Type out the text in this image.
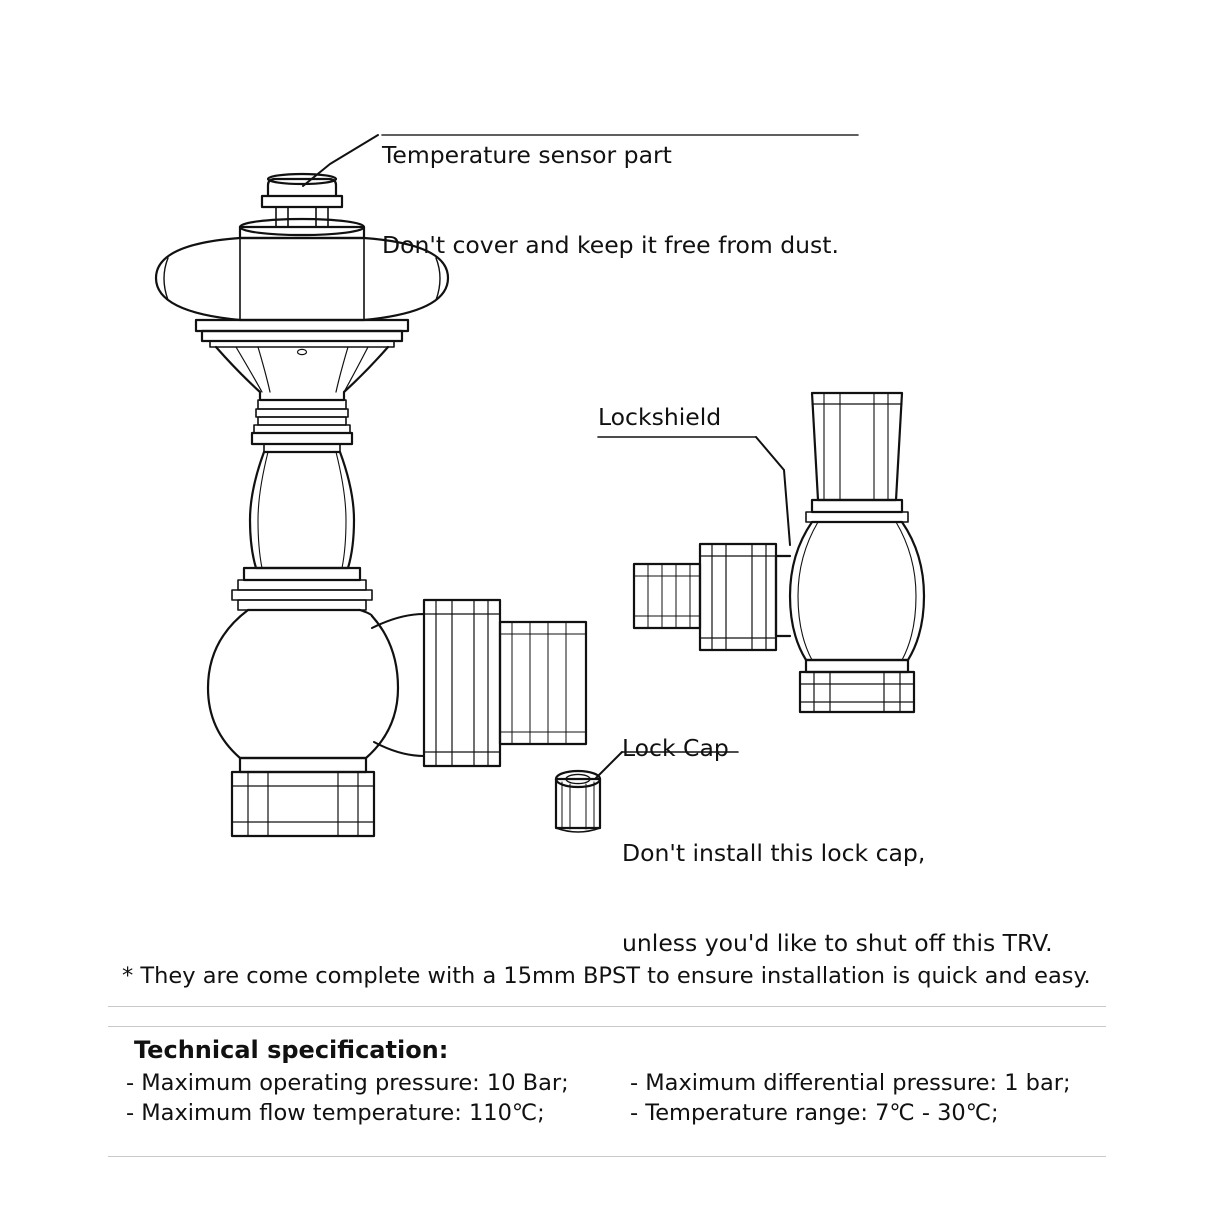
Temperature sensor part

Don't cover and keep it free from dust.

Lockshield
Lock Cap

Don't install this lock cap,

unless you'd like to shut off this TRV.

* They are come complete with a 15mm BPST to ensure installation is quick and easy.
Technical specification:
- Maximum operating pressure: 10 Bar;	- Maximum differential pressure: 1 bar;
- Maximum flow temperature: 110℃;	- Temperature range: 7℃ - 30℃;
